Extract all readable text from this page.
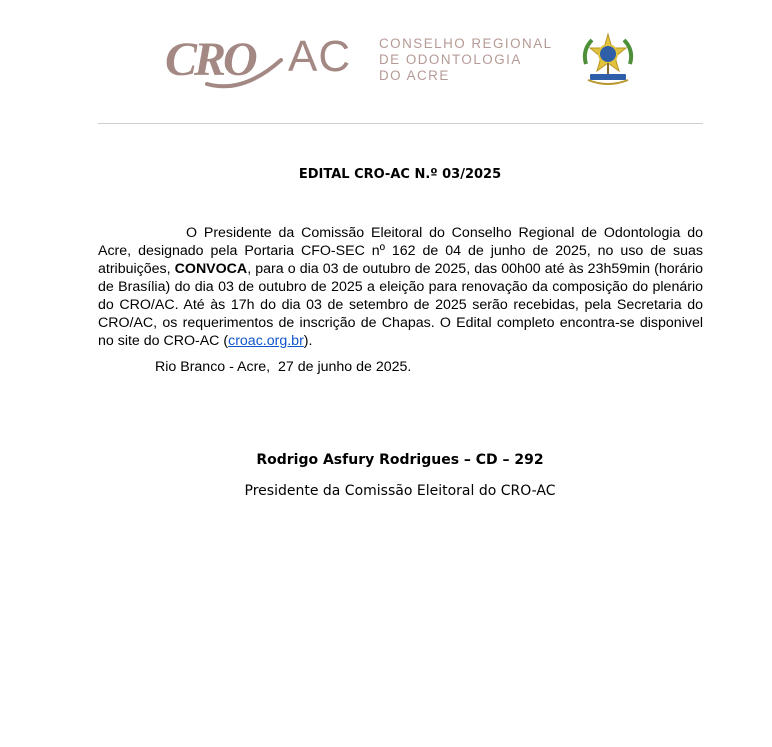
CRO AC CONSELHO REGIONAL
DE ODONTOLOGIA
DO ACRE
EDITAL CRO-AC N.º 03/2025
O Presidente da Comissão Eleitoral do Conselho Regional de Odontologia do Acre, designado pela Portaria CFO-SEC nº 162 de 04 de junho de 2025, no uso de suas atribuições, CONVOCA, para o dia 03 de outubro de 2025, das 00h00 até às 23h59min (horário de Brasília) do dia 03 de outubro de 2025 a eleição para renovação da composição do plenário do CRO/AC. Até às 17h do dia 03 de setembro de 2025 serão recebidas, pela Secretaria do CRO/AC, os requerimentos de inscrição de Chapas. O Edital completo encontra-se disponivel no site do CRO-AC (croac.org.br).
Rio Branco - Acre,  27 de junho de 2025.
Rodrigo Asfury Rodrigues – CD – 292
Presidente da Comissão Eleitoral do CRO-AC
